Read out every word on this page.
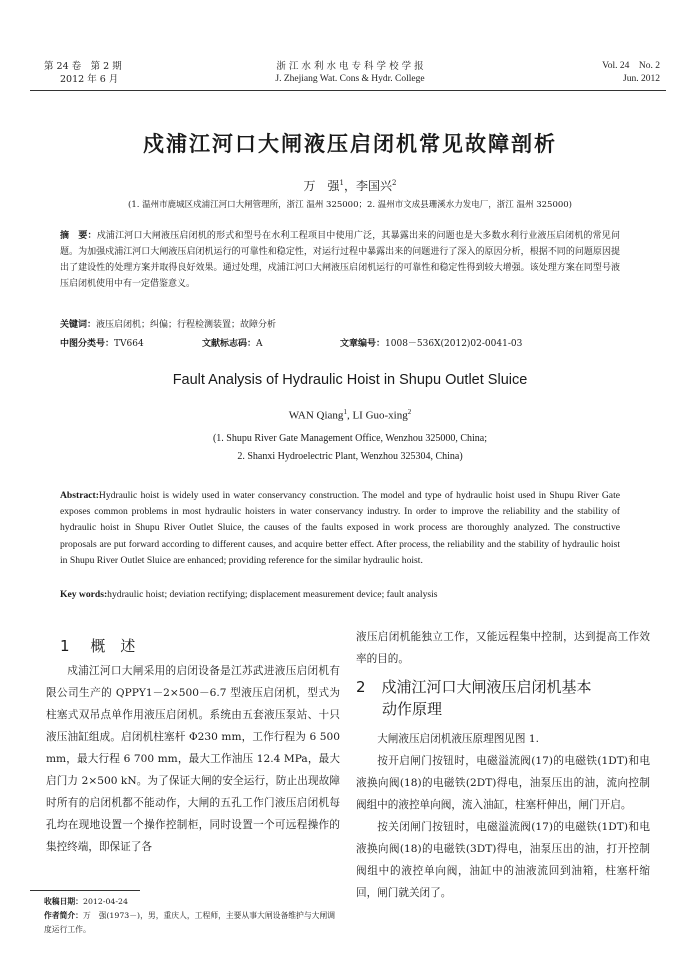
第 24 卷　第 2 期
2012 年 6 月
浙 江 水 利 水 电 专 科 学 校 学 报
J. Zhejiang Wat. Cons & Hydr. College
Vol. 24　No. 2
Jun. 2012
戍浦江河口大闸液压启闭机常见故障剖析
万　强$^1$，李国兴$^2$
(1. 温州市鹿城区戍浦江河口大闸管理所，浙江 温州 325000；2. 温州市文成县珊溪水力发电厂，浙江 温州 325000)
摘　要：戍浦江河口大闸液压启闭机的形式和型号在水利工程项目中使用广泛，其暴露出来的问题也是大多数水利行业液压启闭机的常见问题。为加强戍浦江河口大闸液压启闭机运行的可靠性和稳定性，对运行过程中暴露出来的问题进行了深入的原因分析，根据不同的问题原因提出了建设性的处理方案并取得良好效果。通过处理，戍浦江河口大闸液压启闭机运行的可靠性和稳定性得到较大增强。该处理方案在同型号液压启闭机使用中有一定借鉴意义。
关键词：液压启闭机；纠偏；行程检测装置；故障分析
中图分类号：TV664	文献标志码：A	文章编号：1008－536X(2012)02-0041-03
Fault Analysis of Hydraulic Hoist in Shupu Outlet Sluice
WAN Qiang$^1$, LI Guo-xing$^2$
(1. Shupu River Gate Management Office, Wenzhou 325000, China;
2. Shanxi Hydroelectric Plant, Wenzhou 325304, China)
Abstract:Hydraulic hoist is widely used in water conservancy construction. The model and type of hydraulic hoist used in Shupu River Gate exposes common problems in most hydraulic hoisters in water conservancy industry. In order to improve the reliability and the stability of hydraulic hoist in Shupu River Outlet Sluice, the causes of the faults exposed in work process are thoroughly analyzed. The constructive proposals are put forward according to different causes, and acquire better effect. After process, the reliability and the stability of hydraulic hoist in Shupu River Outlet Sluice are enhanced; providing reference for the similar hydraulic hoist.
Key words:hydraulic hoist; deviation rectifying; displacement measurement device; fault analysis
1 概　述

戍浦江河口大闸采用的启闭设备是江苏武进液压启闭机有限公司生产的 QPPY1－2×500－6.7 型液压启闭机，型式为柱塞式双吊点单作用液压启闭机。系统由五套液压泵站、十只液压油缸组成。启闭机柱塞杆 Φ230 mm，工作行程为 6 500 mm，最大行程 6 700 mm，最大工作油压 12.4 MPa，最大启门力 2×500 kN。为了保证大闸的安全运行，防止出现故障时所有的启闭机都不能动作，大闸的五孔工作门液压启闭机每孔均在现地设置一个操作控制柜，同时设置一个可远程操作的集控终端，即保证了各

收稿日期：2012-04-24
作者简介：万　强(1973－)，男，重庆人，工程师，主要从事大闸设备维护与大闸调度运行工作。

液压启闭机能独立工作，又能远程集中控制，达到提高工作效率的目的。

2 戍浦江河口大闸液压启闭机基本
动作原理

大闸液压启闭机液压原理图见图 1.

按开启闸门按钮时，电磁溢流阀(17)的电磁铁(1DT)和电液换向阀(18)的电磁铁(2DT)得电，油泵压出的油，流向控制阀组中的液控单向阀，流入油缸，柱塞杆伸出，闸门开启。

按关闭闸门按钮时，电磁溢流阀(17)的电磁铁(1DT)和电液换向阀(18)的电磁铁(3DT)得电，油泵压出的油，打开控制阀组中的液控单向阀，油缸中的油液流回到油箱，柱塞杆缩回，闸门就关闭了。
